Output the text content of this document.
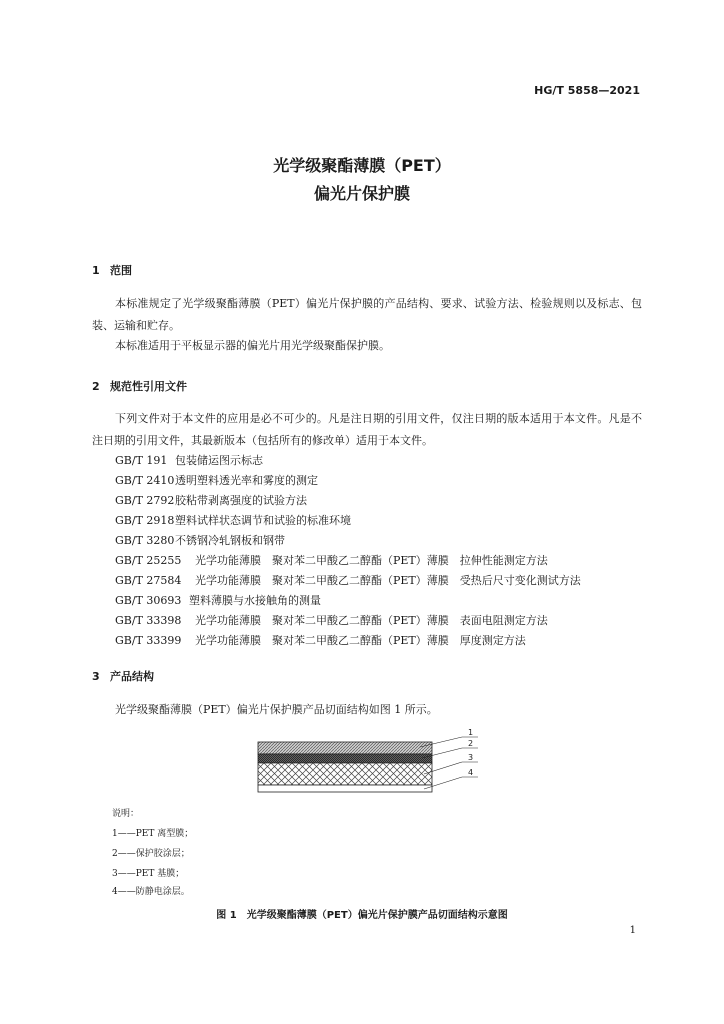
HG/T 5858—2021
光学级聚酯薄膜（PET）
偏光片保护膜
1 范围
本标准规定了光学级聚酯薄膜（PET）偏光片保护膜的产品结构、要求、试验方法、检验规则以及标志、包装、运输和贮存。
本标准适用于平板显示器的偏光片用光学级聚酯保护膜。
2 规范性引用文件
下列文件对于本文件的应用是必不可少的。凡是注日期的引用文件，仅注日期的版本适用于本文件。凡是不注日期的引用文件，其最新版本（包括所有的修改单）适用于本文件。
GB/T 191 包装储运图示标志
GB/T 2410透明塑料透光率和雾度的测定
GB/T 2792胶粘带剥离强度的试验方法
GB/T 2918塑料试样状态调节和试验的标准环境
GB/T 3280不锈钢冷轧钢板和钢带
GB/T 25255 光学功能薄膜　聚对苯二甲酸乙二醇酯（PET）薄膜　拉伸性能测定方法
GB/T 27584 光学功能薄膜　聚对苯二甲酸乙二醇酯（PET）薄膜　受热后尺寸变化测试方法
GB/T 30693 塑料薄膜与水接触角的测量
GB/T 33398 光学功能薄膜　聚对苯二甲酸乙二醇酯（PET）薄膜　表面电阻测定方法
GB/T 33399 光学功能薄膜　聚对苯二甲酸乙二醇酯（PET）薄膜　厚度测定方法
3 产品结构
光学级聚酯薄膜（PET）偏光片保护膜产品切面结构如图 1 所示。
1
2
3
4
说明：
1——PET 离型膜；
2——保护胶涂层；
3——PET 基膜；
4——防静电涂层。
图 1　光学级聚酯薄膜（PET）偏光片保护膜产品切面结构示意图
1
